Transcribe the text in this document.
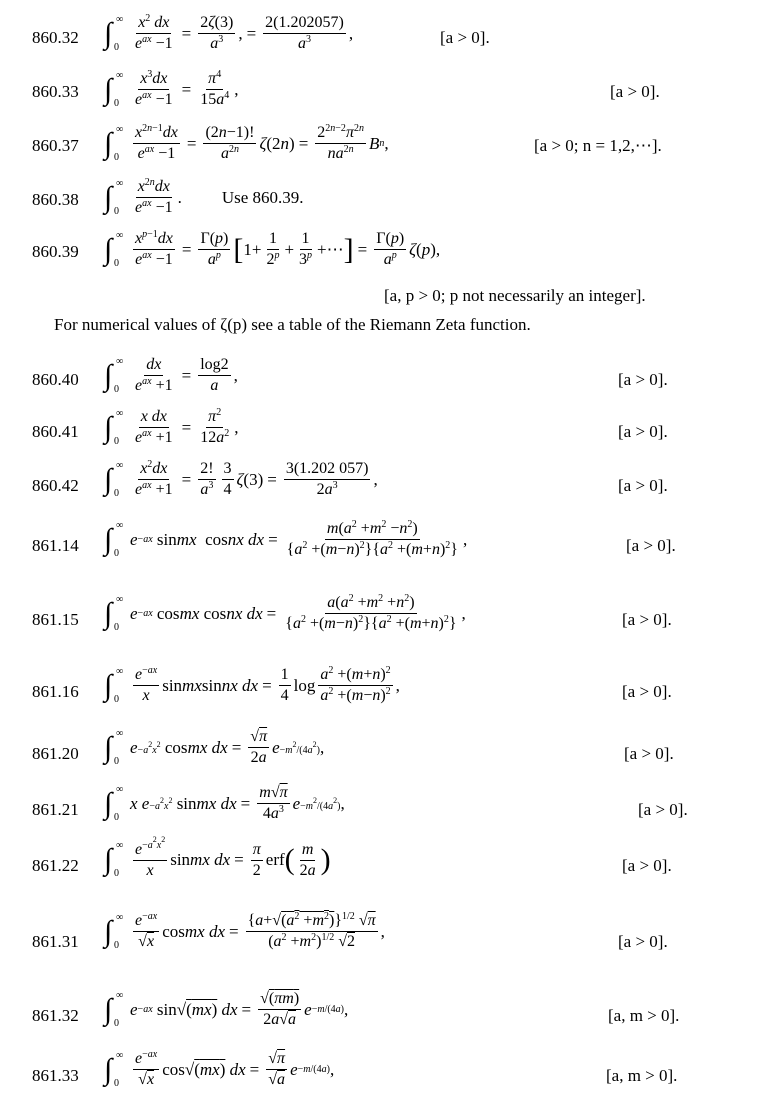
860.32 ∫ ∞
$0 \frac{x^2 dx}{e^{ax} -1} = \frac{2\zeta(3)}{a^3}$ , = $\frac{2(1.202057)}{a^3}$ ,	[a > 0].
860.33 ∫ ∞
$0 \frac{x^3dx}{e^{ax} -1} = \frac{\pi^4}{15a^4}$ ,	[a > 0].
860.37 ∫ ∞
$0 \frac{x^{2n-1}dx}{e^{ax} -1} = \frac{(2n-1)!}{a^{2n}}$ ζ (2 n ) = $\frac{2^{2n-2}\pi^{2n}}{na^{2n}}$ B n ,	[a > 0; n = 1,2,⋯].
860.38 ∫ ∞
$0 \frac{x^{2n}dx}{e^{ax} -1}$ . Use 860.39.
860.39 ∫ ∞
$0 \frac{x^{p-1}dx}{e^{ax} -1} = \frac{\Gamma(p)}{a^p}$ [ $1+ \frac{1}{2^p} + \frac{1}{3^p}$ +⋯ ] = $\frac{\Gamma(p)}{a^p}$ ζ ( p ),
[a, p > 0; p not necessarily an integer].
For numerical values of ζ(p) see a table of the Riemann Zeta function.
860.40 ∫ ∞
$0 \frac{dx}{e^{ax} +1} = \frac{\log 2}{a}$ ,	[a > 0].
860.41 ∫ ∞
$0 \frac{\text{x dx}}{e^{ax} +1} = \frac{\pi^2}{12a^2}$ ,	[a > 0].
860.42 ∫ ∞
$0 \frac{x^2dx}{e^{ax} +1} = \frac{2!}{a^3} \frac{3}{4}$ ζ $(3) = \frac{3(1.202 057)}{2a^3}$ ,	[a > 0].
861.14 ∫ ∞
0
e −ax sin mx cos nx dx = $\frac{m(a^2 +m^2 -n^2)}{\{a^2 +(m-n)^2\}\{a^2 +(m+n)^2\}}$ ,	[a > 0].
861.15 ∫ ∞
0
e −ax cos mx cos nx dx = $\frac{a(a^2 +m^2 +n^2)}{\{a^2 +(m-n)^2\}\{a^2 +(m+n)^2\}}$ ,	[a > 0].
861.16 ∫ ∞
$0 \frac{e^{-ax}}{x}$ sin mx sin nx dx = $\frac{1}{4}$ $\log \frac{a^2 +(m+n)^2}{a^2 +(m-n)^2}$ ,	[a > 0].
861.20 ∫ ∞
0
$e -a^2x^2$ cos mx dx = $\frac{√\pi}{2a}$ $e -m^2/(4a^2)$ ,	[a > 0].
861.21 ∫ ∞
0
x $e -a^2x^2$ sin mx dx = $\frac{m√\pi}{4a^3}$ $e -m^2/(4a^2)$ ,	[a > 0].
861.22 ∫ ∞
$0 \frac{e^{-a^2x^2}}{x}$ sin mx dx = $\frac{\pi}{2}$ erf ( $\frac{m}{2a}$ )	[a > 0].
861.31 ∫ ∞
$0 \frac{e^{-ax}}{√x}$ cos mx dx = $\frac{\{a+√(a^2 +m^2)\}^{1/2} √\pi}{(a^2 +m^2)^{1/2} √2}$ ,
[a > 0].
861.32 ∫ ∞
0
e −ax sin√ (mx)
dx = $\frac{√(\pi m)}{2a√a}$ e −m/(4a) ,	[a, m > 0].
861.33 ∫ ∞
$0 \frac{e^{-ax}}{√x} \cos√$ (mx)
dx = $\frac{√\pi}{√a}$ e −m/(4a) ,	[a, m > 0].
